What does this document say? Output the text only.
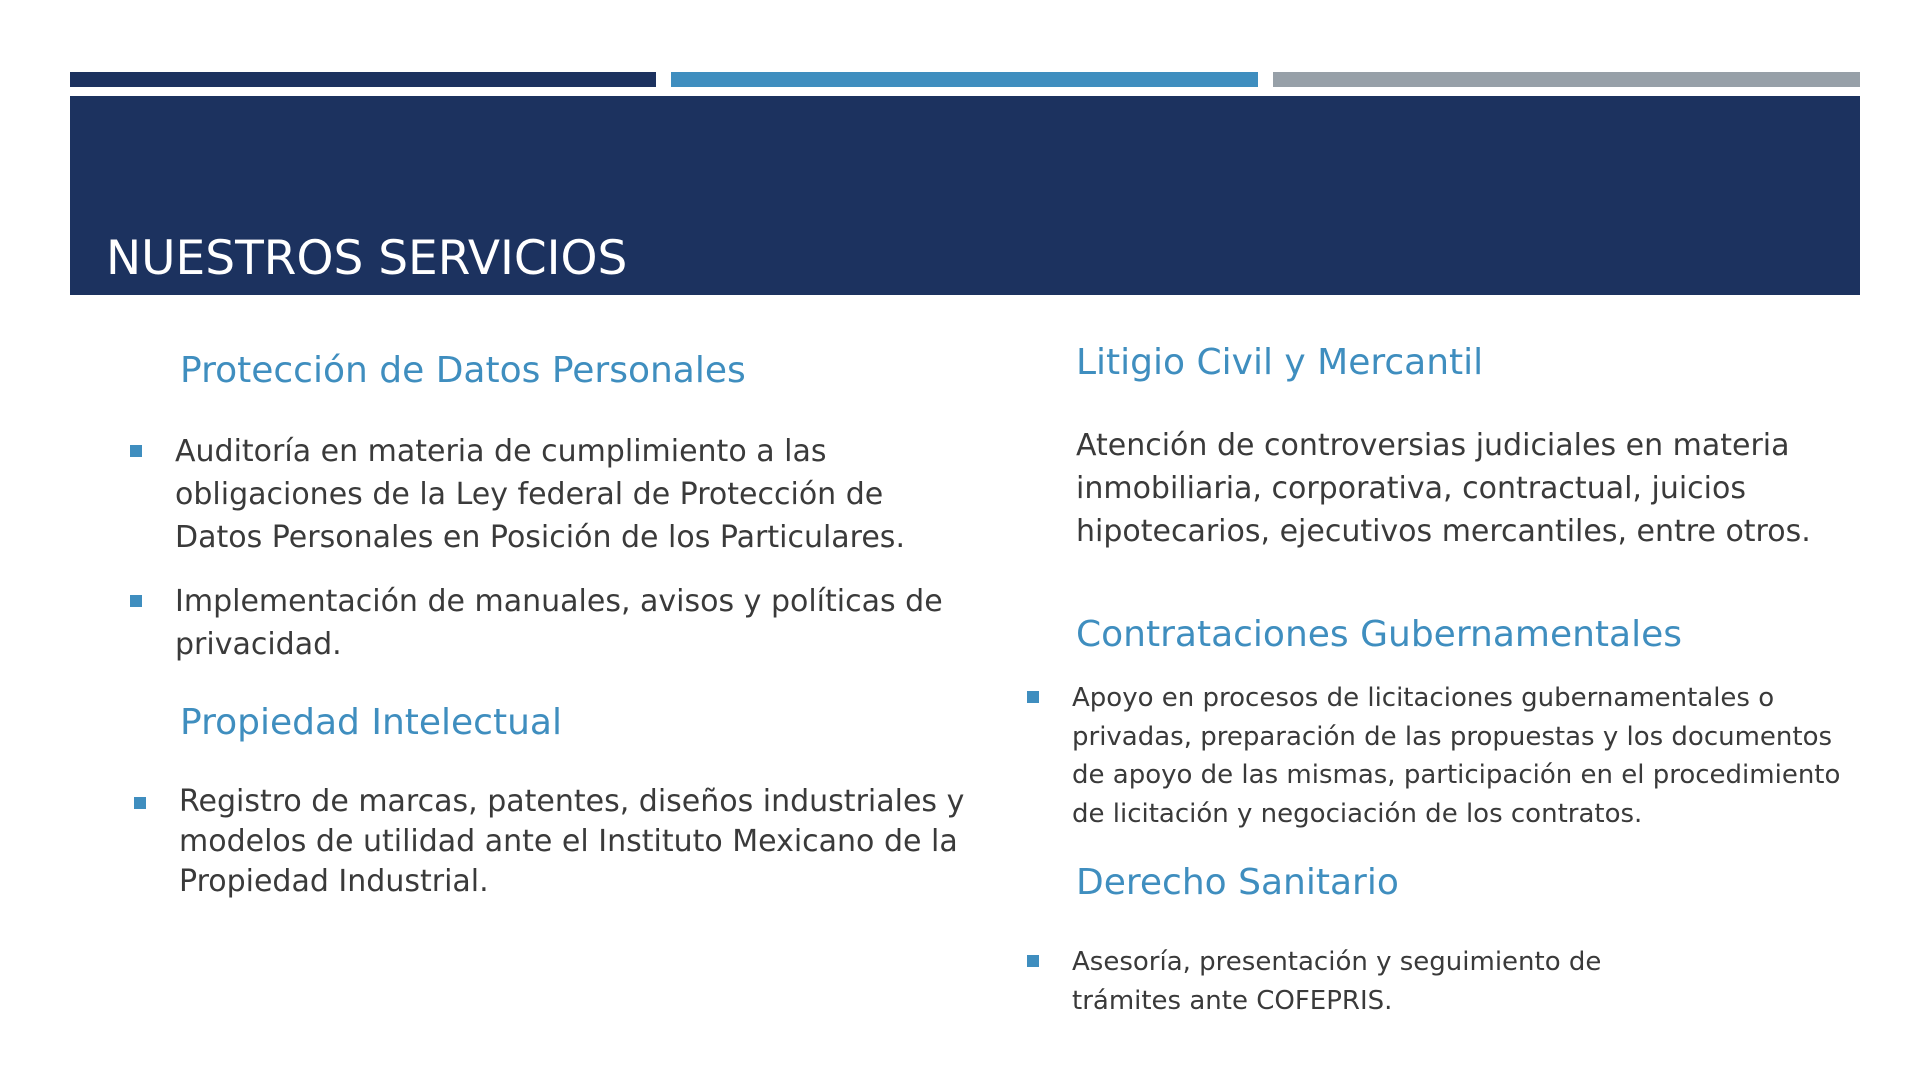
NUESTROS SERVICIOS
Protección de Datos Personales
Auditoría en materia de cumplimiento a las
obligaciones de la Ley federal de Protección de
Datos Personales en Posición de los Particulares.
Implementación de manuales, avisos y políticas de
privacidad.
Propiedad Intelectual
Registro de marcas, patentes, diseños industriales y
modelos de utilidad ante el Instituto Mexicano de la
Propiedad Industrial.
Litigio Civil y Mercantil
Atención de controversias judiciales en materia
inmobiliaria, corporativa, contractual, juicios
hipotecarios, ejecutivos mercantiles, entre otros.
Contrataciones Gubernamentales
Apoyo en procesos de licitaciones gubernamentales o
privadas, preparación de las propuestas y los documentos
de apoyo de las mismas, participación en el procedimiento
de licitación y negociación de los contratos.
Derecho Sanitario
Asesoría, presentación y seguimiento de
trámites ante COFEPRIS.
